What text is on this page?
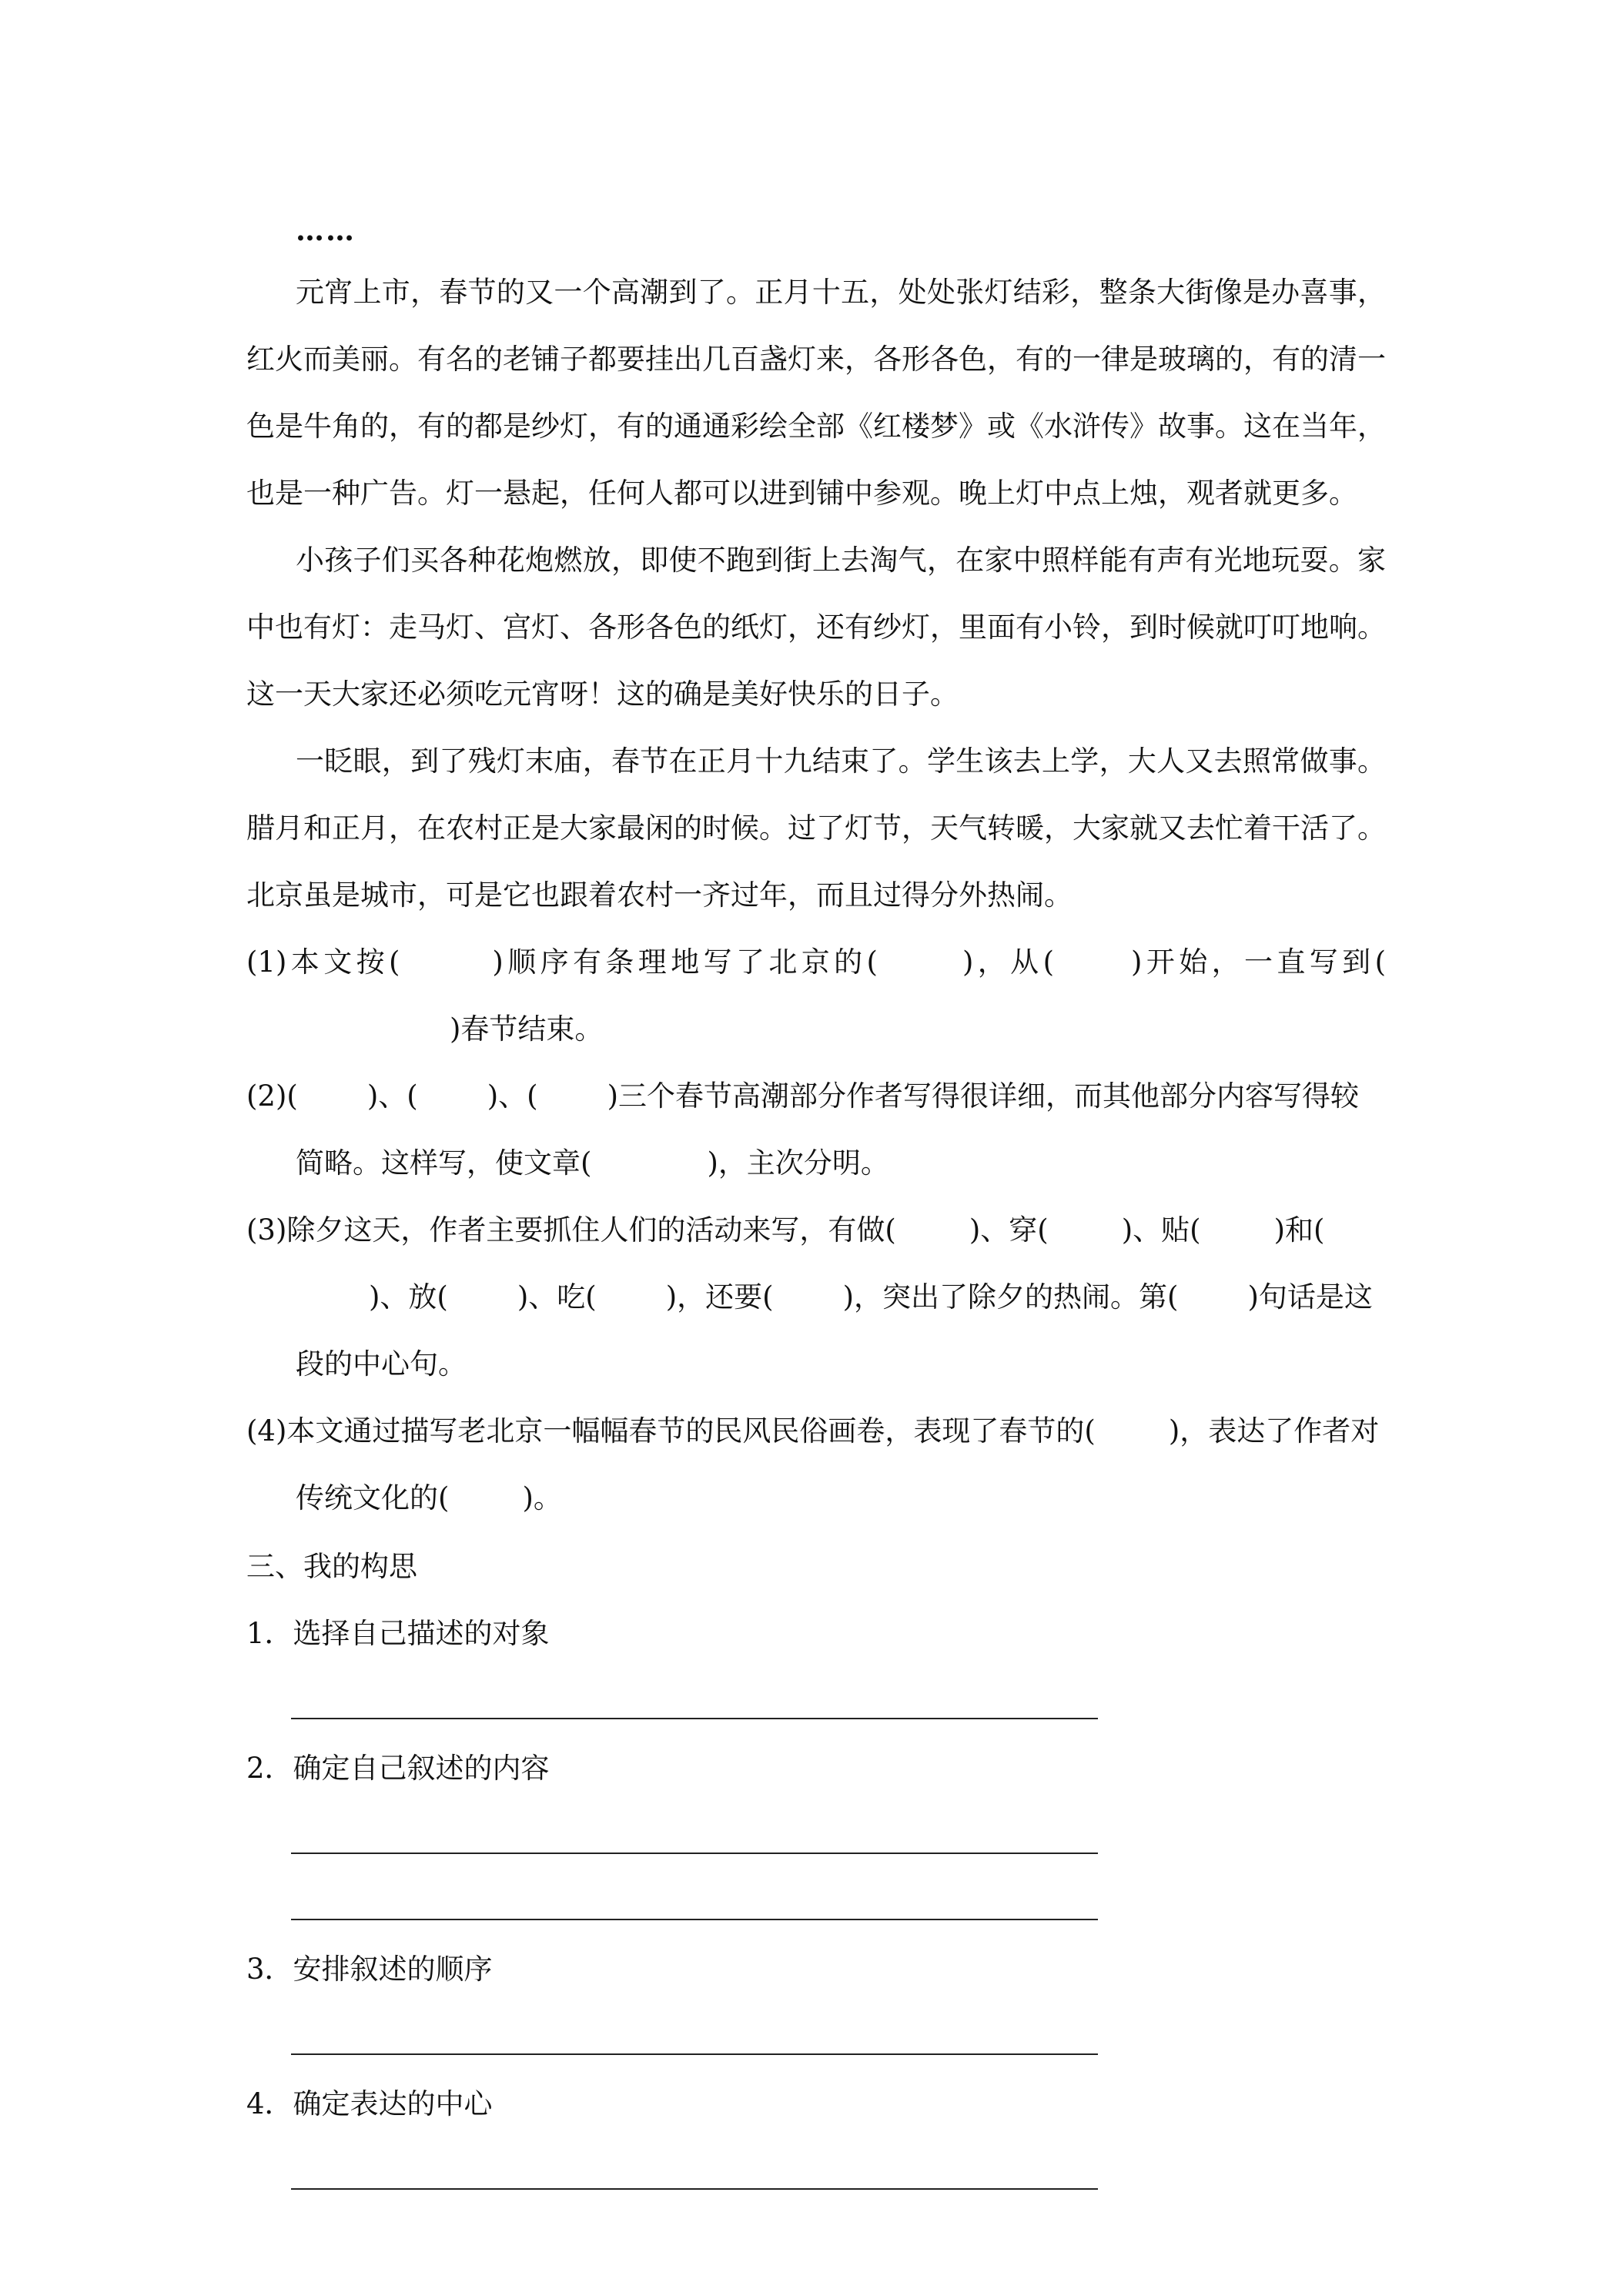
……

元宵上市，春节的又一个高潮到了。正月十五，处处张灯结彩，整条大街像是办喜事，红火而美丽。有名的老铺子都要挂出几百盏灯来，各形各色，有的一律是玻璃的，有的清一色是牛角的，有的都是纱灯，有的通通彩绘全部《红楼梦》或《水浒传》故事。这在当年，也是一种广告。灯一悬起，任何人都可以进到铺中参观。晚上灯中点上烛，观者就更多。

小孩子们买各种花炮燃放，即使不跑到街上去淘气，在家中照样能有声有光地玩耍。家中也有灯：走马灯、宫灯、各形各色的纸灯，还有纱灯，里面有小铃，到时候就叮叮地响。这一天大家还必须吃元宵呀！这的确是美好快乐的日子。

一眨眼，到了残灯末庙，春节在正月十九结束了。学生该去上学，大人又去照常做事。腊月和正月，在农村正是大家最闲的时候。过了灯节，天气转暖，大家就又去忙着干活了。北京虽是城市，可是它也跟着农村一齐过年，而且过得分外热闹。

(1)本文按(	)顺序有条理地写了北京的(	)，从(	)开始，一直写到()春节结束。

(2)( )、( )、( )三个春节高潮部分作者写得很详细，而其他部分内容写得较简略。这样写，使文章(	)，主次分明。

(3)除夕这天，作者主要抓住人们的活动来写，有做(	)、穿(	)、贴(	)和()、放( )、吃( )，还要( )，突出了除夕的热闹。第( )句话是这段的中心句。

(4)本文通过描写老北京一幅幅春节的民风民俗画卷，表现了春节的(	)，表达了作者对传统文化的(	)。

三、我的构思
1．选择自己描述的对象
2．确定自己叙述的内容
3．安排叙述的顺序
4．确定表达的中心
